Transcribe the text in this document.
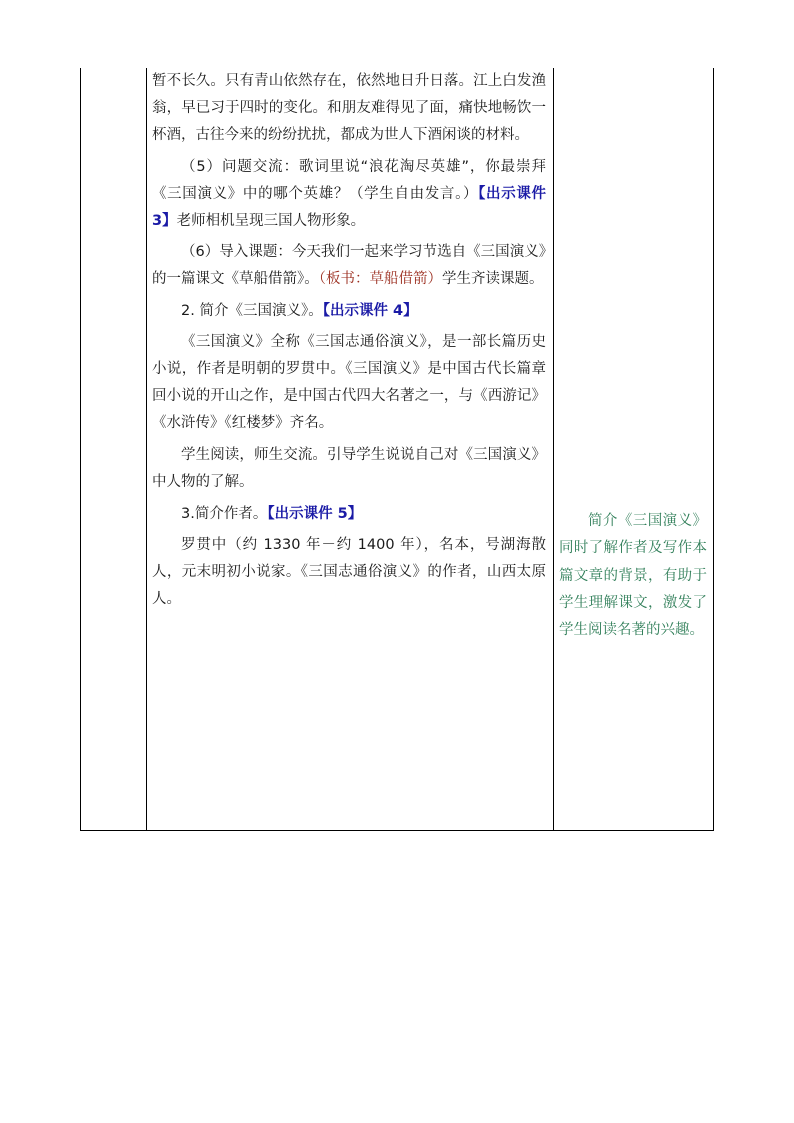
暂不长久。只有青山依然存在，依然地日升日落。江上白发渔翁，早已习于四时的变化。和朋友难得见了面，痛快地畅饮一杯酒，古往今来的纷纷扰扰，都成为世人下酒闲谈的材料。

（5）问题交流：歌词里说“浪花淘尽英雄”，你最崇拜《三国演义》中的哪个英雄？（学生自由发言。）【出示课件 3】老师相机呈现三国人物形象。

（6）导入课题：今天我们一起来学习节选自《三国演义》的一篇课文《草船借箭》。（板书：草船借箭）学生齐读课题。

2. 简介《三国演义》。【出示课件 4】

《三国演义》全称《三国志通俗演义》，是一部长篇历史小说，作者是明朝的罗贯中。《三国演义》是中国古代长篇章回小说的开山之作，是中国古代四大名著之一，与《西游记》《水浒传》《红楼梦》齐名。

学生阅读，师生交流。引导学生说说自己对《三国演义》中人物的了解。

3.简介作者。【出示课件 5】

罗贯中（约 1330 年－约 1400 年），名本，号湖海散人，元末明初小说家。《三国志通俗演义》的作者，山西太原人。

简介《三国演义》同时了解作者及写作本篇文章的背景，有助于学生理解课文，激发了学生阅读名著的兴趣。
